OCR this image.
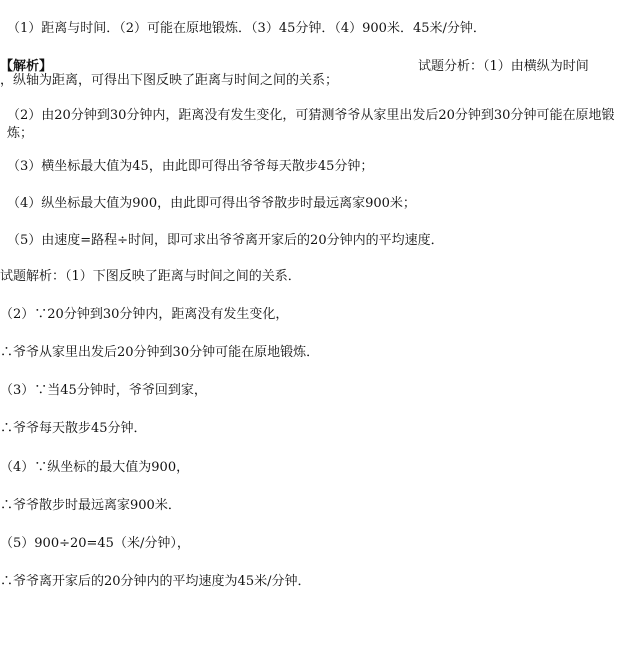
（1）距离与时间．（2）可能在原地锻炼．（3）45分钟．（4）900米．45米/分钟．
【解析】	试题分析：（1）由横纵为时间
，纵轴为距离，可得出下图反映了距离与时间之间的关系；
（2）由20分钟到30分钟内，距离没有发生变化，可猜测爷爷从家里出发后20分钟到30分钟可能在原地锻炼；
（3）横坐标最大值为45，由此即可得出爷爷每天散步45分钟；
（4）纵坐标最大值为900，由此即可得出爷爷散步时最远离家900米；
（5）由速度=路程÷时间，即可求出爷爷离开家后的20分钟内的平均速度．
试题解析：（1）下图反映了距离与时间之间的关系．
（2）∵20分钟到30分钟内，距离没有发生变化，
∴爷爷从家里出发后20分钟到30分钟可能在原地锻炼．
（3）∵当45分钟时，爷爷回到家，
∴爷爷每天散步45分钟．
（4）∵纵坐标的最大值为900，
∴爷爷散步时最远离家900米．
（5）900÷20=45（米/分钟），
∴爷爷离开家后的20分钟内的平均速度为45米/分钟．
